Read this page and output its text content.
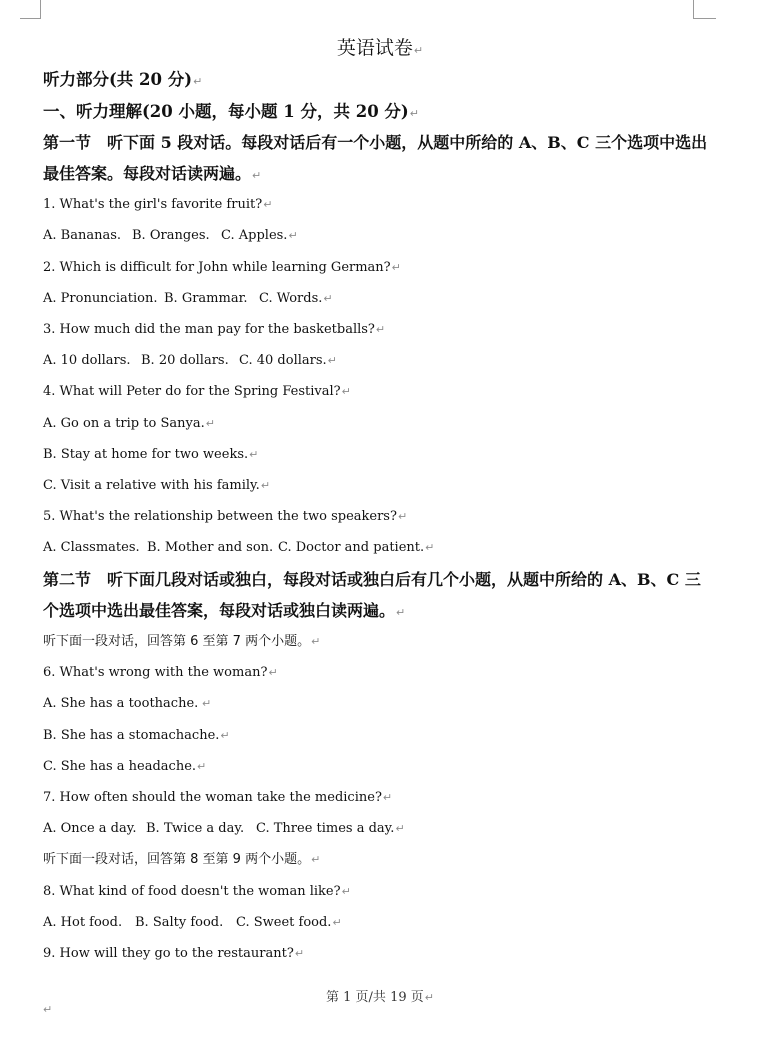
英语试卷↵
听力部分(共 20 分)↵
一、听力理解(20 小题，每小题 1 分，共 20 分)↵
第一节　听下面 5 段对话。每段对话后有一个小题，从题中所给的 A、B、C 三个选项中选出
最佳答案。每段对话读两遍。↵
1. What's the girl's favorite fruit?↵
A. Bananas. B. Oranges. C. Apples.↵
2. Which is difficult for John while learning German?↵
A. Pronunciation. B. Grammar. C. Words.↵
3. How much did the man pay for the basketballs?↵
A. 10 dollars. B. 20 dollars. C. 40 dollars.↵
4. What will Peter do for the Spring Festival?↵
A. Go on a trip to Sanya.↵
B. Stay at home for two weeks.↵
C. Visit a relative with his family.↵
5. What's the relationship between the two speakers?↵
A. Classmates. B. Mother and son. C. Doctor and patient.↵
第二节　听下面几段对话或独白，每段对话或独白后有几个小题，从题中所给的 A、B、C 三
个选项中选出最佳答案，每段对话或独白读两遍。↵
听下面一段对话，回答第 6 至第 7 两个小题。↵
6. What's wrong with the woman?↵
A. She has a toothache. ↵
B. She has a stomachache.↵
C. She has a headache.↵
7. How often should the woman take the medicine?↵
A. Once a day. B. Twice a day. C. Three times a day.↵
听下面一段对话，回答第 8 至第 9 两个小题。↵
8. What kind of food doesn't the woman like?↵
A. Hot food. B. Salty food. C. Sweet food.↵
9. How will they go to the restaurant?↵
第 1 页/共 19 页↵
↵
